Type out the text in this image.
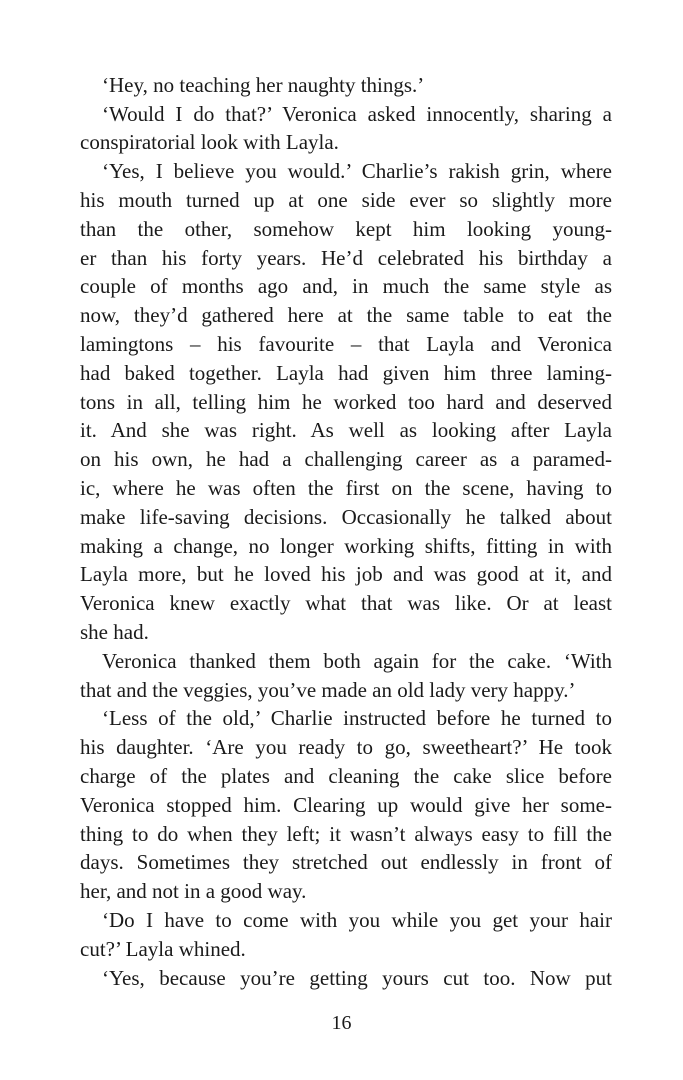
‘Hey, no teaching her naughty things.’
‘Would I do that?’ Veronica asked innocently, sharing a
conspiratorial look with Layla.
‘Yes, I believe you would.’ Charlie’s rakish grin, where
his mouth turned up at one side ever so slightly more
than the other, somehow kept him looking young-
er than his forty years. He’d celebrated his birthday a
couple of months ago and, in much the same style as
now, they’d gathered here at the same table to eat the
lamingtons – his favourite – that Layla and Veronica
had baked together. Layla had given him three laming-
tons in all, telling him he worked too hard and deserved
it. And she was right. As well as looking after Layla
on his own, he had a challenging career as a paramed-
ic, where he was often the first on the scene, having to
make life-saving decisions. Occasionally he talked about
making a change, no longer working shifts, fitting in with
Layla more, but he loved his job and was good at it, and
Veronica knew exactly what that was like. Or at least
she had.
Veronica thanked them both again for the cake. ‘With
that and the veggies, you’ve made an old lady very happy.’
‘Less of the old,’ Charlie instructed before he turned to
his daughter. ‘Are you ready to go, sweetheart?’ He took
charge of the plates and cleaning the cake slice before
Veronica stopped him. Clearing up would give her some-
thing to do when they left; it wasn’t always easy to fill the
days. Sometimes they stretched out endlessly in front of
her, and not in a good way.
‘Do I have to come with you while you get your hair
cut?’ Layla whined.
‘Yes, because you’re getting yours cut too. Now put
16
